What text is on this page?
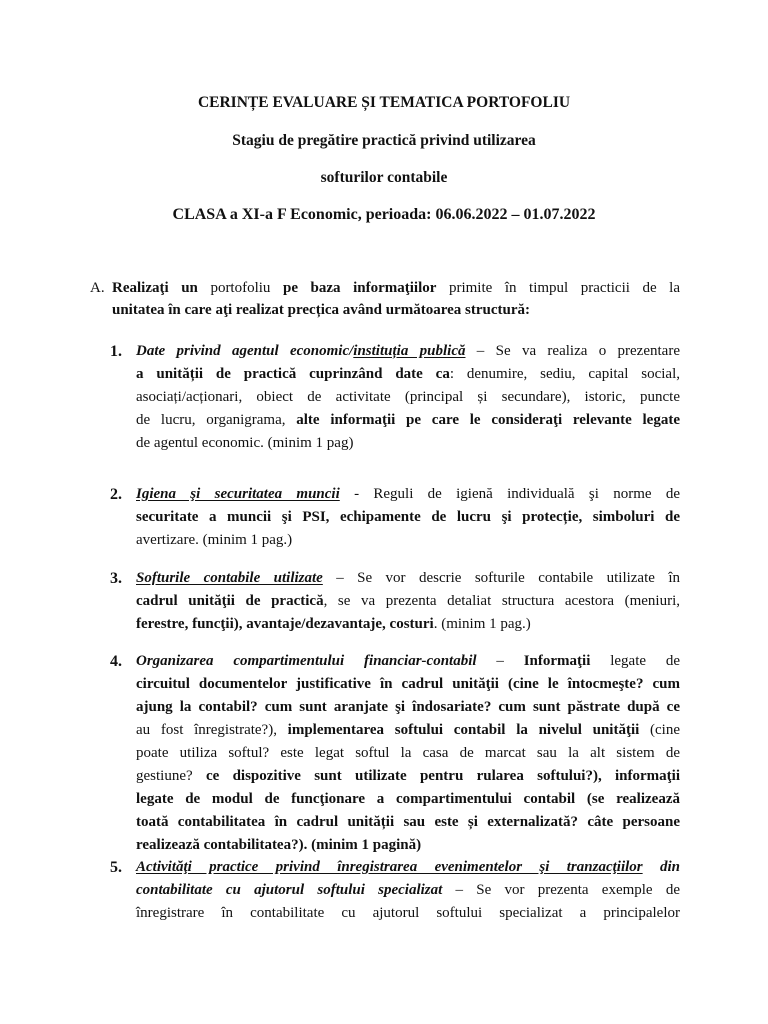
CERINȚE EVALUARE ȘI TEMATICA PORTOFOLIU
Stagiu de pregătire practică privind utilizarea
softurilor contabile
CLASA a XI-a F Economic, perioada: 06.06.2022 – 01.07.2022
A. Realizaţi un portofoliu pe baza informaţiilor primite în timpul practicii de la
unitatea în care aţi realizat precțica având următoarea structură:
1. Date privind agentul economic/instituția publică – Se va realiza o prezentare
a unității de practică cuprinzând date ca: denumire, sediu, capital social,
asociați/acționari, obiect de activitate (principal și secundare), istoric, puncte
de lucru, organigrama, alte informaţii pe care le consideraţi relevante legate
de agentul economic. (minim 1 pag)
2. Igiena şi securitatea muncii - Reguli de igienă individuală şi norme de
securitate a muncii şi PSI, echipamente de lucru şi protecție, simboluri de
avertizare. (minim 1 pag.)
3. Softurile contabile utilizate – Se vor descrie softurile contabile utilizate în
cadrul unităţii de practică, se va prezenta detaliat structura acestora (meniuri,
ferestre, funcţii), avantaje/dezavantaje, costuri. (minim 1 pag.)
4. Organizarea compartimentului financiar-contabil – Informaţii legate de
circuitul documentelor justificative în cadrul unităţii (cine le întocmeşte? cum
ajung la contabil? cum sunt aranjate şi îndosariate? cum sunt păstrate după ce
au fost înregistrate?), implementarea softului contabil la nivelul unităţii (cine
poate utiliza softul? este legat softul la casa de marcat sau la alt sistem de
gestiune? ce dispozitive sunt utilizate pentru rularea softului?), informaţii
legate de modul de funcţionare a compartimentului contabil (se realizează
toată contabilitatea în cadrul unității sau este și externalizată? câte persoane
realizează contabilitatea?). (minim 1 pagină)
5. Activităţi practice privind înregistrarea evenimentelor şi tranzacţiilor din
contabilitate cu ajutorul softului specializat – Se vor prezenta exemple de
înregistrare în contabilitate cu ajutorul softului specializat a principalelor
